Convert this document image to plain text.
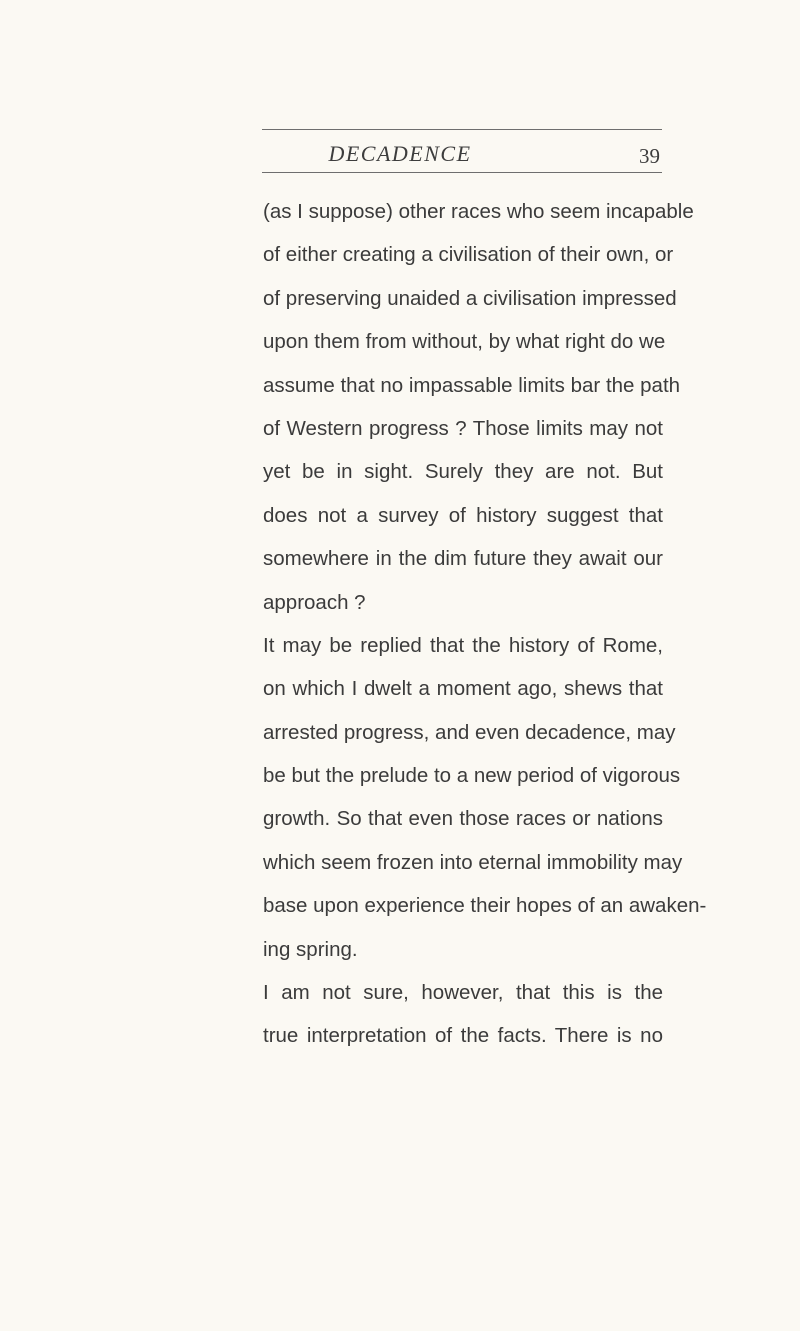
DECADENCE	39
(as I suppose) other races who seem incapable
of either creating a civilisation of their own, or
of preserving unaided a civilisation impressed
upon them from without, by what right do we
assume that no impassable limits bar the path
of Western progress ? Those limits may not
yet be in sight. Surely they are not. But
does not a survey of history suggest that
somewhere in the dim future they await our
approach ?
It may be replied that the history of Rome,
on which I dwelt a moment ago, shews that
arrested progress, and even decadence, may
be but the prelude to a new period of vigorous
growth. So that even those races or nations
which seem frozen into eternal immobility may
base upon experience their hopes of an awaken-
ing spring.
I am not sure, however, that this is the
true interpretation of the facts. There is no
